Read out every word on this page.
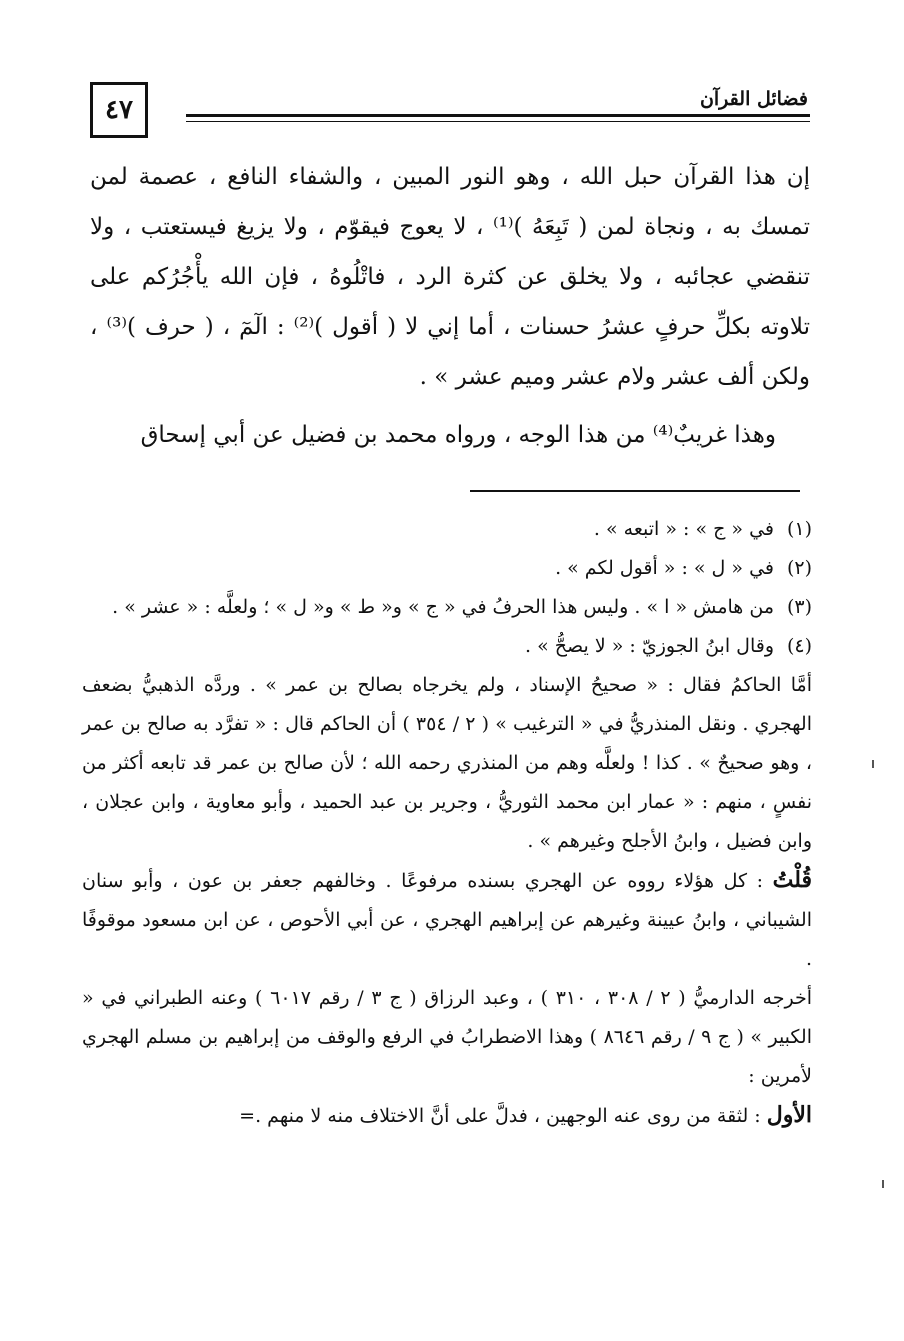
٤٧	فضائل القرآن

إن هذا القرآن حبل الله ، وهو النور المبين ، والشفاء النافع ، عصمة لمن تمسك به ، ونجاة لمن ( تَبِعَهُ )⁽¹⁾ ، لا يعوج فيقوّم ، ولا يزيغ فيستعتب ، ولا تنقضي عجائبه ، ولا يخلق عن كثرة الرد ، فاتْلُوهُ ، فإن الله يأْجُرُكم على تلاوته بكلِّ حرفٍ عشرُ حسنات ، أما إني لا ( أقول )⁽²⁾ : الٓمٓ ، ( حرف )⁽³⁾ ، ولكن ألف عشر ولام عشر وميم عشر » .

وهذا غريبٌ⁽⁴⁾ من هذا الوجه ، ورواه محمد بن فضيل عن أبي إسحاق

(١)
في « ج » : « اتبعه » .
(٢)
في « ل » : « أقول لكم » .
(٣)
من هامش « ا » . وليس هذا الحرفُ في « ج » و« ط » و« ل » ؛ ولعلَّه : « عشر » .
(٤)
وقال ابنُ الجوزيّ : « لا يصحُّ » .

أمَّا الحاكمُ فقال : « صحيحُ الإسناد ، ولم يخرجاه بصالح بن عمر » . وردَّه الذهبيُّ بضعف الهجري . ونقل المنذريُّ في « الترغيب » ( ٢ / ٣٥٤ ) أن الحاكم قال : « تفرَّد به صالح بن عمر ، وهو صحيحٌ » . كذا ! ولعلَّه وهم من المنذري رحمه الله ؛ لأن صالح بن عمر قد تابعه أكثر من نفسٍ ، منهم : « عمار ابن محمد الثوريُّ ، وجرير بن عبد الحميد ، وأبو معاوية ، وابن عجلان ، وابن فضيل ، وابنُ الأجلح وغيرهم » .

قُلْتُ : كل هؤلاء رووه عن الهجري بسنده مرفوعًا . وخالفهم جعفر بن عون ، وأبو سنان الشيباني ، وابنُ عيينة وغيرهم عن إبراهيم الهجري ، عن أبي الأحوص ، عن ابن مسعود موقوفًا .

أخرجه الدارميُّ ( ٢ / ٣٠٨ ، ٣١٠ ) ، وعبد الرزاق ( ج ٣ / رقم ٦٠١٧ ) وعنه الطبراني في « الكبير » ( ج ٩ / رقم ٨٦٤٦ ) وهذا الاضطرابُ في الرفع والوقف من إبراهيم بن مسلم الهجري لأمرين :

الأول : لثقة من روى عنه الوجهين ، فدلَّ على أنَّ الاختلاف منه لا منهم .=
